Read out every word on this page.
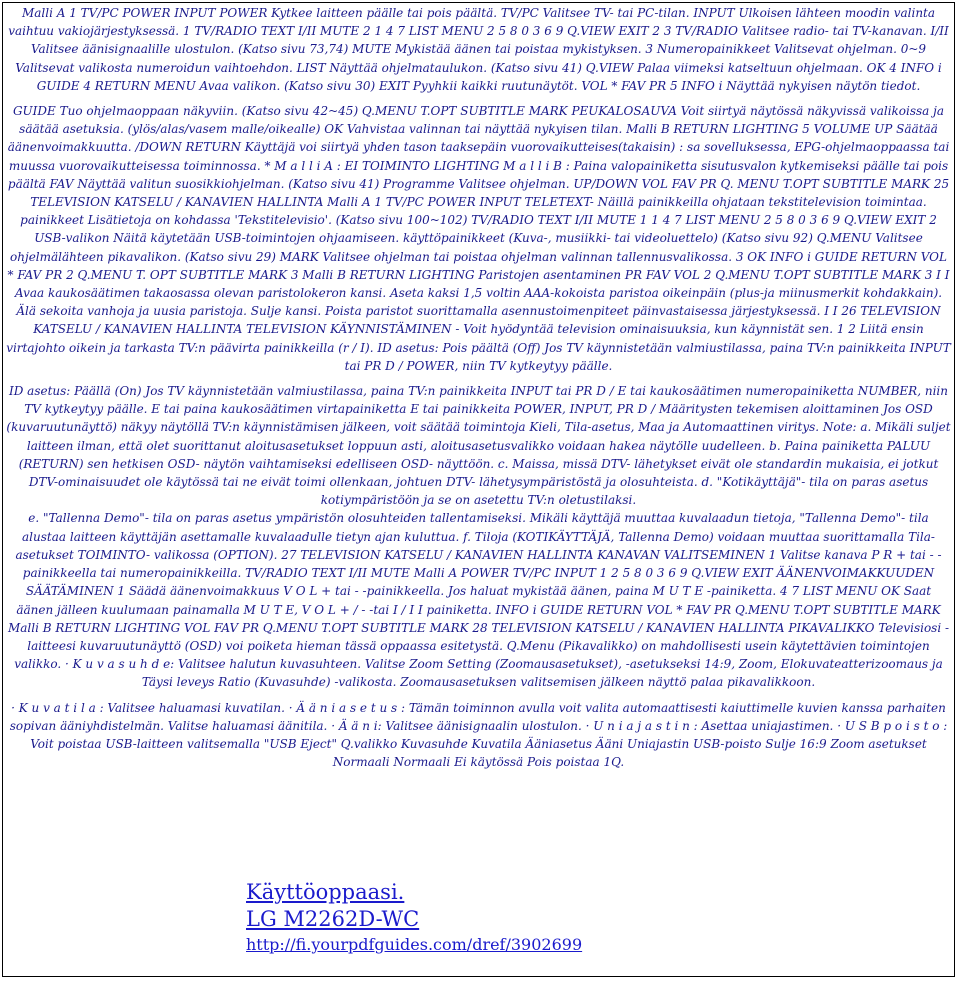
Malli A 1 TV/PC POWER INPUT POWER Kytkee laitteen päälle tai pois päältä. TV/PC Valitsee TV- tai PC-tilan. INPUT Ulkoisen lähteen moodin valinta vaihtuu vakiojärjestyksessä. 1 TV/RADIO TEXT I/II MUTE 2 1 4 7 LIST MENU 2 5 8 0 3 6 9 Q.VIEW EXIT 2 3 TV/RADIO Valitsee radio- tai TV-kanavan. I/II Valitsee äänisignaalille ulostulon. (Katso sivu 73,74) MUTE Mykistää äänen tai poistaa mykistyksen. 3 Numeropainikkeet Valitsevat ohjelman. 0~9 Valitsevat valikosta numeroidun vaihtoehdon. LIST Näyttää ohjelmataulukon. (Katso sivu 41) Q.VIEW Palaa viimeksi katseltuun ohjelmaan. OK 4 INFO i GUIDE 4 RETURN MENU Avaa valikon. (Katso sivu 30) EXIT Pyyhkii kaikki ruutunäytöt. VOL * FAV PR 5 INFO i Näyttää nykyisen näytön tiedot.

GUIDE Tuo ohjelmaoppaan näkyviin. (Katso sivu 42~45) Q.MENU T.OPT SUBTITLE MARK PEUKALOSAUVA Voit siirtyä näytössä näkyvissä valikoissa ja säätää asetuksia. (ylös/alas/vasem malle/oikealle) OK Vahvistaa valinnan tai näyttää nykyisen tilan. Malli B RETURN LIGHTING 5 VOLUME UP Säätää äänenvoimakkuutta. /DOWN RETURN Käyttäjä voi siirtyä yhden tason taaksepäin vuorovaikutteises(takaisin) : sa sovelluksessa, EPG-ohjelmaoppaassa tai muussa vuorovaikutteisessa toiminnossa. * M a l l i A : EI TOIMINTO LIGHTING M a l l i B : Paina valopainiketta sisutusvalon kytkemiseksi päälle tai pois päältä FAV Näyttää valitun suosikkiohjelman. (Katso sivu 41) Programme Valitsee ohjelman. UP/DOWN VOL FAV PR Q. MENU T.OPT SUBTITLE MARK 25 TELEVISION KATSELU / KANAVIEN HALLINTA Malli A 1 TV/PC POWER INPUT TELETEXT- Näillä painikkeilla ohjataan tekstitelevision toimintaa. painikkeet Lisätietoja on kohdassa 'Tekstitelevisio'. (Katso sivu 100~102) TV/RADIO TEXT I/II MUTE 1 1 4 7 LIST MENU 2 5 8 0 3 6 9 Q.VIEW EXIT 2 USB-valikon Näitä käytetään USB-toimintojen ohjaamiseen. käyttöpainikkeet (Kuva-, musiikki- tai videoluettelo) (Katso sivu 92) Q.MENU Valitsee ohjelmälähteen pikavalikon. (Katso sivu 29) MARK Valitsee ohjelman tai poistaa ohjelman valinnan tallennusvalikossa. 3 OK INFO i GUIDE RETURN VOL * FAV PR 2 Q.MENU T. OPT SUBTITLE MARK 3 Malli B RETURN LIGHTING Paristojen asentaminen PR FAV VOL 2 Q.MENU T.OPT SUBTITLE MARK 3 I I Avaa kaukosäätimen takaosassa olevan paristolokeron kansi. Aseta kaksi 1,5 voltin AAA-kokoista paristoa oikeinpäin (plus-ja miinusmerkit kohdakkain). Älä sekoita vanhoja ja uusia paristoja. Sulje kansi. Poista paristot suorittamalla asennustoimenpiteet päinvastaisessa järjestyksessä. I I 26 TELEVISION KATSELU / KANAVIEN HALLINTA TELEVISION KÄYNNISTÄMINEN - Voit hyödyntää television ominaisuuksia, kun käynnistät sen. 1 2 Liitä ensin virtajohto oikein ja tarkasta TV:n päävirta painikkeilla (r / I). ID asetus: Pois päältä (Off) Jos TV käynnistetään valmiustilassa, paina TV:n painikkeita INPUT tai PR D / POWER, niin TV kytkeytyy päälle.

ID asetus: Päällä (On) Jos TV käynnistetään valmiustilassa, paina TV:n painikkeita INPUT tai PR D / E tai kaukosäätimen numeropainiketta NUMBER, niin TV kytkeytyy päälle. E tai paina kaukosäätimen virtapainiketta E tai painikkeita POWER, INPUT, PR D / Määritysten tekemisen aloittaminen Jos OSD (kuvaruutunäyttö) näkyy näytöllä TV:n käynnistämisen jälkeen, voit säätää toimintoja Kieli, Tila-asetus, Maa ja Automaattinen viritys. Note: a. Mikäli suljet laitteen ilman, että olet suorittanut aloitusasetukset loppuun asti, aloitusasetusvalikko voidaan hakea näytölle uudelleen. b. Paina painiketta PALUU (RETURN) sen hetkisen OSD- näytön vaihtamiseksi edelliseen OSD- näyttöön. c. Maissa, missä DTV- lähetykset eivät ole standardin mukaisia, ei jotkut DTV-ominaisuudet ole käytössä tai ne eivät toimi ollenkaan, johtuen DTV- lähetysympäristöstä ja olosuhteista. d. "Kotikäyttäjä"- tila on paras asetus kotiympäristöön ja se on asetettu TV:n oletustilaksi.

e. "Tallenna Demo"- tila on paras asetus ympäristön olosuhteiden tallentamiseksi. Mikäli käyttäjä muuttaa kuvalaadun tietoja, "Tallenna Demo"- tila alustaa laitteen käyttäjän asettamalle kuvalaadulle tietyn ajan kuluttua. f. Tiloja (KOTIKÄYTTÄJÄ, Tallenna Demo) voidaan muuttaa suorittamalla Tila-asetukset TOIMINTO- valikossa (OPTION). 27 TELEVISION KATSELU / KANAVIEN HALLINTA KANAVAN VALITSEMINEN 1 Valitse kanava P R + tai - -painikkeella tai numeropainikkeilla. TV/RADIO TEXT I/II MUTE Malli A POWER TV/PC INPUT 1 2 5 8 0 3 6 9 Q.VIEW EXIT ÄÄNENVOIMAKKUUDEN SÄÄTÄMINEN 1 Säädä äänenvoimakkuus V O L + tai - -painikkeella. Jos haluat mykistää äänen, paina M U T E -painiketta. 4 7 LIST MENU OK Saat äänen jälleen kuulumaan painamalla M U T E, V O L + / - -tai I / I I painiketta. INFO i GUIDE RETURN VOL * FAV PR Q.MENU T.OPT SUBTITLE MARK Malli B RETURN LIGHTING VOL FAV PR Q.MENU T.OPT SUBTITLE MARK 28 TELEVISION KATSELU / KANAVIEN HALLINTA PIKAVALIKKO Televisiosi -laitteesi kuvaruutunäyttö (OSD) voi poiketa hieman tässä oppaassa esitetystä. Q.Menu (Pikavalikko) on mahdollisesti usein käytettävien toimintojen valikko. · K u v a s u h d e: Valitsee halutun kuvasuhteen. Valitse Zoom Setting (Zoomausasetukset), -asetukseksi 14:9, Zoom, Elokuvateatterizoomaus ja Täysi leveys Ratio (Kuvasuhde) -valikosta. Zoomausasetuksen valitsemisen jälkeen näyttö palaa pikavalikkoon.

· K u v a t i l a : Valitsee haluamasi kuvatilan. · Ä ä n i a s e t u s : Tämän toiminnon avulla voit valita automaattisesti kaiuttimelle kuvien kanssa parhaiten sopivan ääniyhdistelmän. Valitse haluamasi äänitila. · Ä ä n i: Valitsee äänisignaalin ulostulon. · U n i a j a s t i n : Asettaa uniajastimen. · U S B p o i s t o : Voit poistaa USB-laitteen valitsemalla "USB Eject" Q.valikko Kuvasuhde Kuvatila Ääniasetus Ääni Uniajastin USB-poisto Sulje 16:9 Zoom asetukset Normaali Normaali Ei käytössä Pois poistaa 1Q.

Käyttöoppaasi.
LG M2262D-WC
http://fi.yourpdfguides.com/dref/3902699
